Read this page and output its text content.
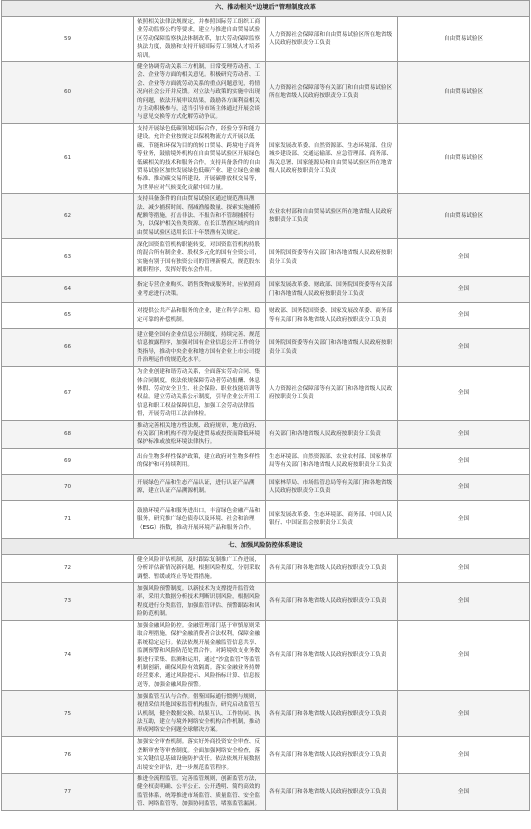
六、推动相关“边境后”管理制度改革			
59	依照相关法律法规规定，并参照国际劳工组织工商业劳动监察公约等要求，建立与推进自由贸易试验区劳动保障监察执法体制改革，加大劳动保障监察执法力度，鼓励和支持开展国际劳工领域人才培养培训。	人力资源社会保障部和自由贸易试验区所在地省级人民政府按职责分工负责	自由贸易试验区
60	健全协调劳动关系三方机制，日常受理劳动者、工会、企业等方面的相关意见。积极研究劳动者、工会、企业等方面就劳动关系的重点问题意见，将情况向社会公开并反馈。对立法与政策的实施中出现的问题，依法开展审议结果，鼓励各方面利益相关方主动积极参与，适当引导市场主体通过开展会谈与意见交换等方式化解劳动争议。	人力资源社会保障部等有关部门和自由贸易试验区所在地省级人民政府按职责分工负责	自由贸易试验区
61	支持开展绿色低碳领域国际合作，经验分享和能力建设。允许企业按规定以保税物流方式开展以低碳、节能和环保为目的的转口贸易、跨境电子商务等业务，鼓励境外机构在自由贸易试验区开展绿色低碳相关的技术和服务合作，支持具备条件的自由贸易试验区加快发展绿色低碳产业、建立绿色金融标准、推动碳交易所建设、开展碳排放权交易等，为世界应对气候变化贡献中国力量。	国家发展改革委、自然资源部、生态环境部、住房城乡建设部、交通运输部、应急管理部、商务部、海关总署、国家能源局和自由贸易试验区所在地省级人民政府按职责分工负责	自由贸易试验区
62	支持具备条件的自由贸易试验区通过规范渔具渔法、减少捕捞时间、削减渔船数量、探索实施捕捞配额等措施，打击非法、不报告和不管制捕捞行为，以保护相关鱼类资源。在长江禁渔区域内的自由贸易试验区适用长江十年禁渔有关规定。	农业农村部和自由贸易试验区所在地省级人民政府按职责分工负责	自由贸易试验区
63	深化国资监管机构职能转变，对国资监管机构持股的混合所有制企业、股权多元化的国有全资公司，实施有别于国有独资公司的管理新模式，规范股东履职程序，发挥好股东会作用。	国务院国资委等有关部门和各地省级人民政府按职责分工负责	全国
64	指定专营企业购买、销售货物或服务时，应依照商业考虑进行决策。	国家发展改革委、财政部、国务院国资委等有关部门和各地省级人民政府按职责分工负责	全国
65	对提供公共产品和服务的企业，建立科学合理、稳定可靠的补偿机制。	财政部、国务院国资委、国家发展改革委、商务部等有关部门和各地省级人民政府按职责分工负责	全国
66	建立健全国有企业信息公开制度，持续完善、规范信息披露程序，加强对国有企业信息公开工作的分类指导，推动中央企业和地方国有企业上市公司提升治理运作的规范化水平。	国务院国资委等有关部门和各地省级人民政府按职责分工负责	全国
67	为企业创建和谐劳动关系，全面落实劳动合同、集体合同制度，依法依规保障劳动者劳动报酬、休息休假、劳动安全卫生、社会保险、职业技能培训等权益。建立劳动关系公示制度，引导企业公开用工信息和职工权益保障信息，加强工会劳动法律监督，开展劳动用工法治体检。	人力资源社会保障部等有关部门和各地省级人民政府按职责分工负责	全国
68	推动完善相关地方性法规、政府规章，地方政府、有关部门和机构不得为促进贸易或投资而降低环境保护标准或放松环境法律执行。	有关部门和各地省级人民政府按职责分工负责	全国
69	出台生物多样性保护政策，建立政府对生物多样性的保护和可持续利用。	生态环境部、自然资源部、农业农村部、国家林草局等有关部门和各地省级人民政府按职责分工负责	全国
70	开展绿色产品和生态产品认证，进行认证产品溯源，建立认证产品溯源机制。	国家林草局、市场监管总局等有关部门和各地省级人民政府按职责分工负责	全国
71	鼓励环境产品和服务进出口，丰富绿色金融产品和服务，研究推广绿色债券以及环境、社会和治理（ESG）指数，推动开展环境产品和服务合作。	国家发展改革委、生态环境部、商务部、中国人民银行、中国证监会按职责分工负责	全国
七、加强风险防控体系建设			
72	健全风险评估机制，及时跟踪复制推广工作进展，分析评估新情况新问题，根据风险程度，分别采取调整、暂缓或终止等处置措施。	各有关部门和各地省级人民政府按职责分工负责	全国
73	加强风险预警制度。以新技术为支撑提升监管效率，采用大数据分析技术判断识别风险，根据风险程度进行分类监管，加强监管评估、预警跟踪和风险防范机制。	各有关部门和各地省级人民政府按职责分工负责	全国
74	加强金融风险防控。金融管理部门基于审慎原则采取合理措施，保护金融消费者合法权利，保障金融系统稳定运行。依法依规开展金融监管信息共享、监测预警和风险防范处置合作。对跨境收支业务数据进行采集、监测和运用，通过“沙盒监管”等监管机制创新，确保风险有效隔离。落实金融业务持牌经营要求，通过风险提示、风险指标计算、信息报送等，加强金融风险预警。	各有关部门和各地省级人民政府按职责分工负责	全国
75	加强监管互认与合作。借鉴国际通行惯例与规则，视情采信其他国家监管机构报告，研究启动监管互认机制，健全数据交换、结果互认、工作协同、执法互助，建立与境外网络安全机构合作机制，推动形成网络安全问题全球解决方案。	各有关部门和各地省级人民政府按职责分工负责	全国
76	加强安全审查机制。落实好外商投资安全审查、反垄断审查等审查制度。全面加强网络安全检查，落实关键信息基础设施防护责任。依法依规开展数据出境安全评估，进一步规范监管程序。	各有关部门和各地省级人民政府按职责分工负责	全国
77	推进全流程监管。完善监管规则，创新监管方法，健全权责明确、公平公正、公开透明、简约高效的监管体系，统筹推进市场监管、质量监管、安全监管、网络监管等，加强协同监管，堵塞监管漏洞。	各有关部门和各地省级人民政府按职责分工负责	全国
